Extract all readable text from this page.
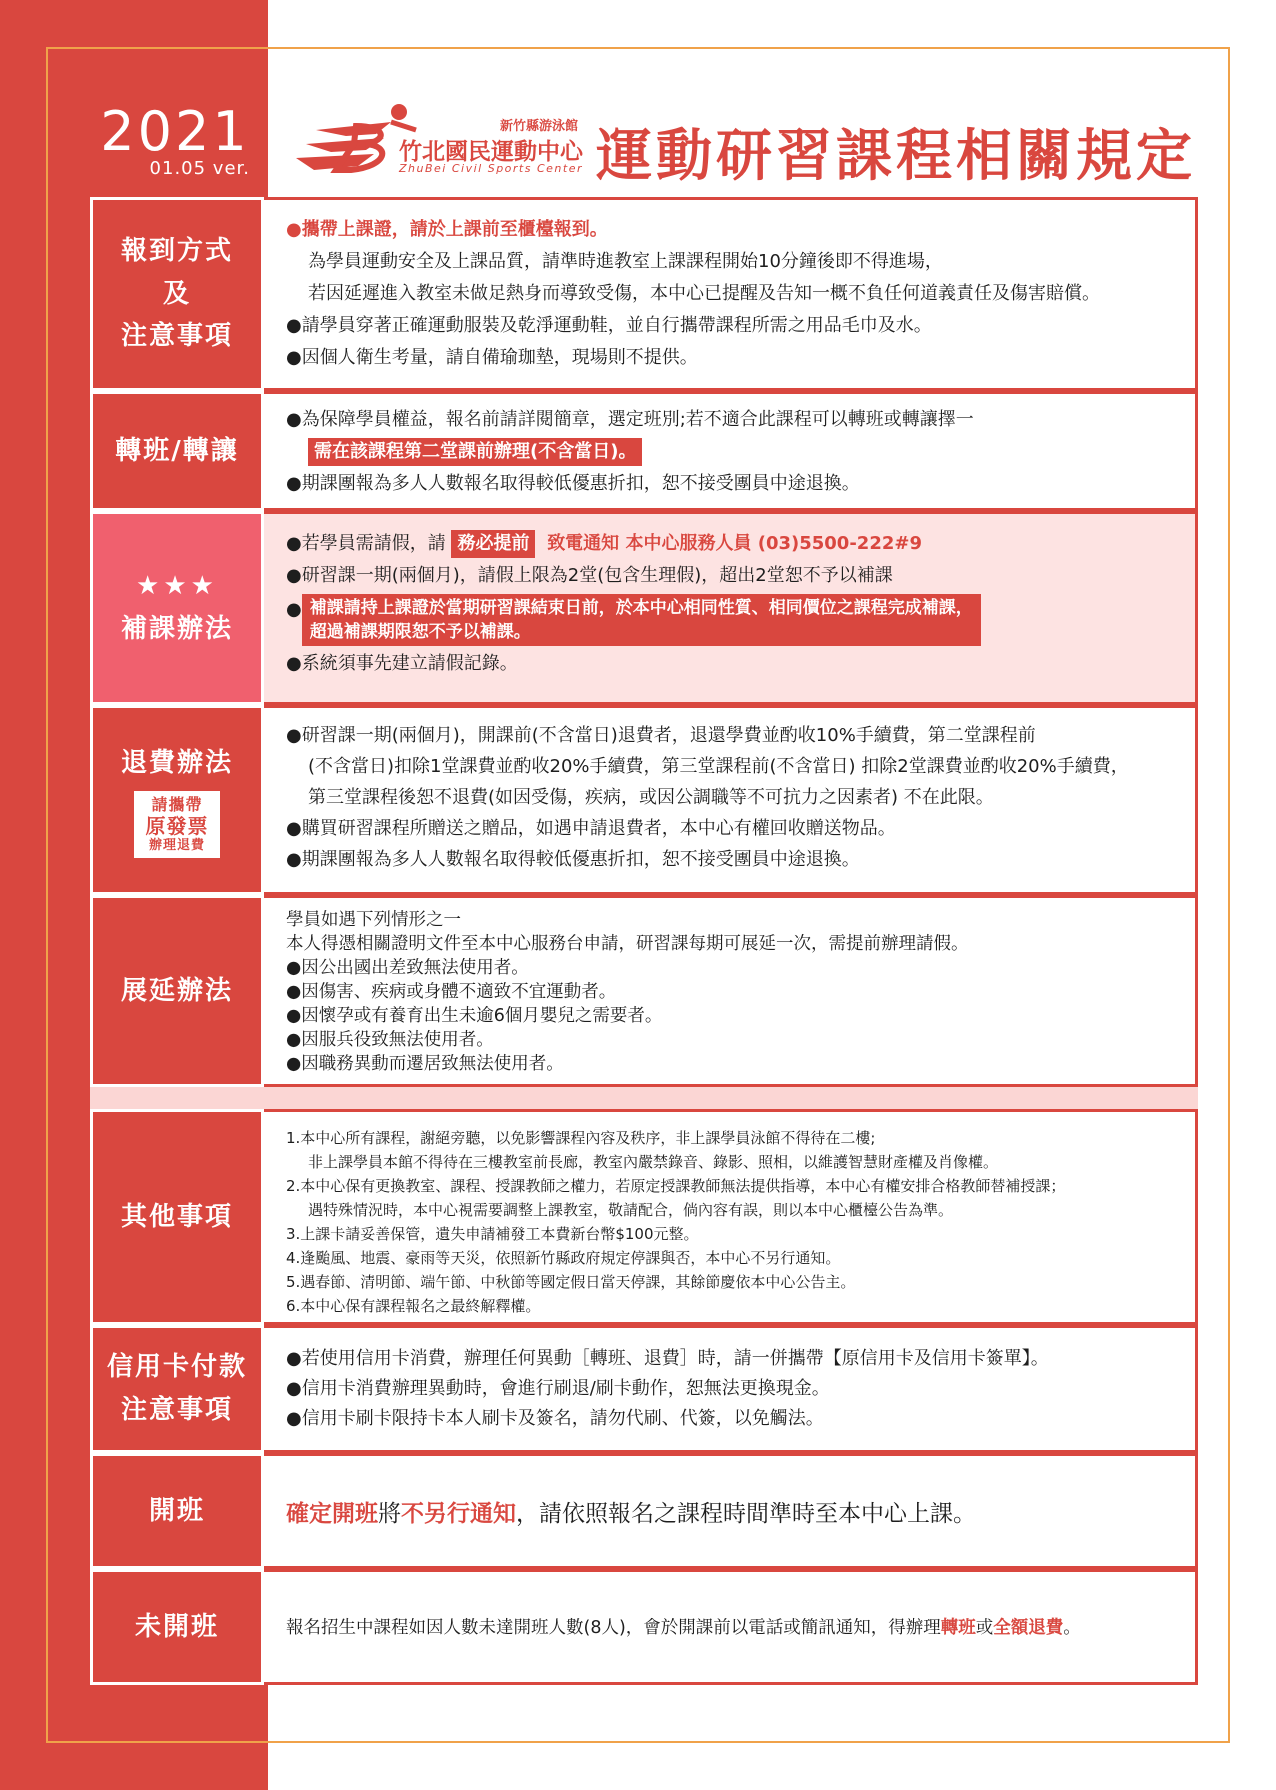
2021
01.05 ver.
新竹縣游泳館
竹北國民運動中心
ZhuBei Civil Sports Center 運動研習課程相關規定
報到方式
及
注意事項
●攜帶上課證，請於上課前至櫃檯報到。
為學員運動安全及上課品質，請準時進教室上課課程開始10分鐘後即不得進場，
若因延遲進入教室未做足熱身而導致受傷，本中心已提醒及告知一概不負任何道義責任及傷害賠償。
●請學員穿著正確運動服裝及乾淨運動鞋，並自行攜帶課程所需之用品毛巾及水。
●因個人衛生考量，請自備瑜珈墊，現場則不提供。
轉班/轉讓
●為保障學員權益，報名前請詳閱簡章，選定班別;若不適合此課程可以轉班或轉讓擇一
需在該課程第二堂課前辦理(不含當日)。
●期課團報為多人人數報名取得較低優惠折扣，恕不接受團員中途退換。
★★★
補課辦法
●若學員需請假，請 務必提前 致電通知 本中心服務人員 (03)5500-222#9
●研習課一期(兩個月)，請假上限為2堂(包含生理假)，超出2堂恕不予以補課
● 補課請持上課證於當期研習課結束日前，於本中心相同性質、相同價位之課程完成補課，
超過補課期限恕不予以補課。
●系統須事先建立請假記錄。
退費辦法
請攜帶
原發票
辦理退費
●研習課一期(兩個月)，開課前(不含當日)退費者，退還學費並酌收10%手續費，第二堂課程前
(不含當日)扣除1堂課費並酌收20%手續費，第三堂課程前(不含當日) 扣除2堂課費並酌收20%手續費，
第三堂課程後恕不退費(如因受傷，疾病，或因公調職等不可抗力之因素者) 不在此限。
●購買研習課程所贈送之贈品，如遇申請退費者，本中心有權回收贈送物品。
●期課團報為多人人數報名取得較低優惠折扣，恕不接受團員中途退換。
展延辦法
學員如遇下列情形之一
本人得憑相關證明文件至本中心服務台申請，研習課每期可展延一次，需提前辦理請假。
●因公出國出差致無法使用者。
●因傷害、疾病或身體不適致不宜運動者。
●因懷孕或有養育出生未逾6個月嬰兒之需要者。
●因服兵役致無法使用者。
●因職務異動而遷居致無法使用者。
其他事項
1.本中心所有課程，謝絕旁聽，以免影響課程內容及秩序，非上課學員泳館不得待在二樓;
非上課學員本館不得待在三樓教室前長廊，教室內嚴禁錄音、錄影、照相，以維護智慧財產權及肖像權。
2.本中心保有更換教室、課程、授課教師之權力，若原定授課教師無法提供指導，本中心有權安排合格教師替補授課；
遇特殊情況時，本中心視需要調整上課教室，敬請配合，倘內容有誤，則以本中心櫃檯公告為準。
3.上課卡請妥善保管，遺失申請補發工本費新台幣$100元整。
4.逢颱風、地震、豪雨等天災，依照新竹縣政府規定停課與否，本中心不另行通知。
5.遇春節、清明節、端午節、中秋節等國定假日當天停課，其餘節慶依本中心公告主。
6.本中心保有課程報名之最終解釋權。
信用卡付款
注意事項
●若使用信用卡消費，辦理任何異動［轉班、退費］時，請一併攜帶【原信用卡及信用卡簽單】。
●信用卡消費辦理異動時，會進行刷退/刷卡動作，恕無法更換現金。
●信用卡刷卡限持卡本人刷卡及簽名，請勿代刷、代簽，以免觸法。
開班	確定開班將不另行通知，請依照報名之課程時間準時至本中心上課。
未開班	報名招生中課程如因人數未達開班人數(8人)，會於開課前以電話或簡訊通知，得辦理轉班或全額退費。
